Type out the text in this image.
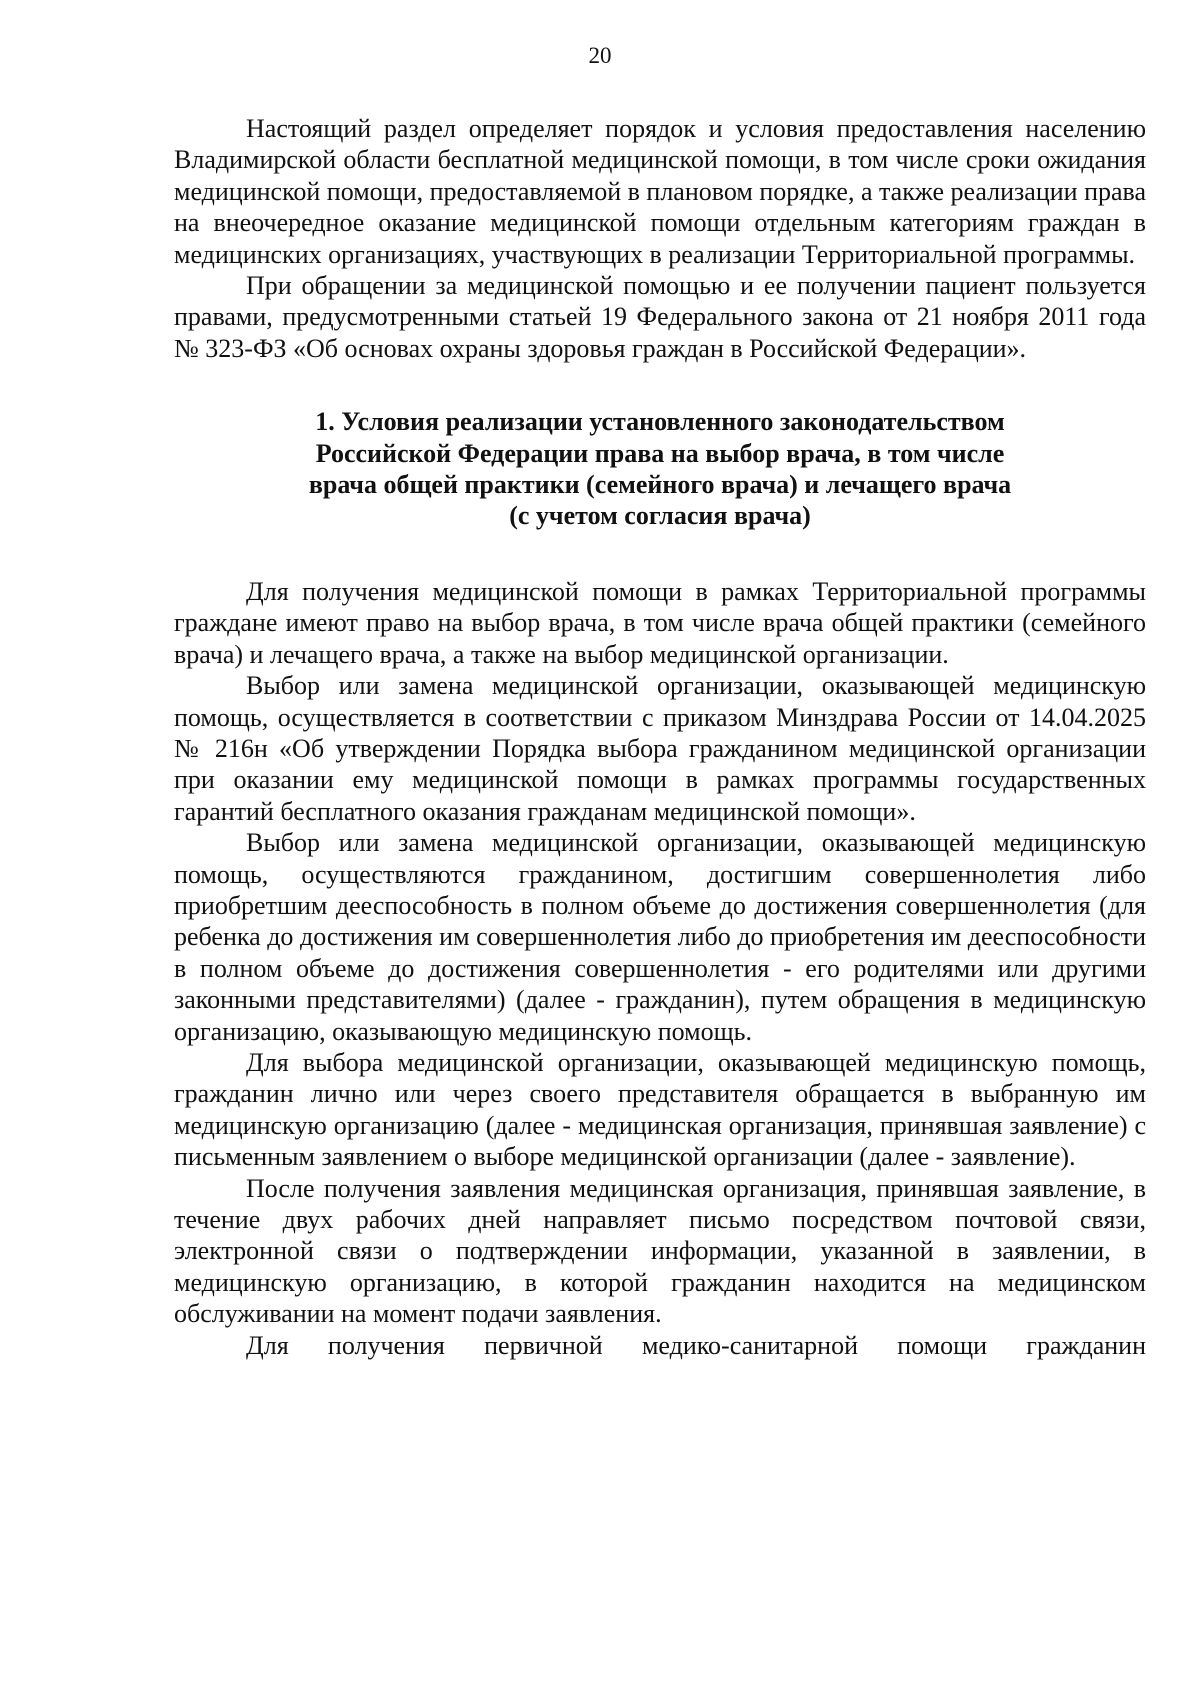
20

Настоящий раздел определяет порядок и условия предоставления населению Владимирской области бесплатной медицинской помощи, в том числе сроки ожидания медицинской помощи, предоставляемой в плановом порядке, а также реализации права на внеочередное оказание медицинской помощи отдельным категориям граждан в медицинских организациях, участвующих в реализации Территориальной программы.

При обращении за медицинской помощью и ее получении пациент пользуется правами, предусмотренными статьей 19 Федерального закона от 21 ноября 2011 года № 323-ФЗ «Об основах охраны здоровья граждан в Российской Федерации».

1. Условия реализации установленного законодательством
Российской Федерации права на выбор врача, в том числе
врача общей практики (семейного врача) и лечащего врача
(с учетом согласия врача)

Для получения медицинской помощи в рамках Территориальной программы граждане имеют право на выбор врача, в том числе врача общей практики (семейного врача) и лечащего врача, а также на выбор медицинской организации.

Выбор или замена медицинской организации, оказывающей медицинскую помощь, осуществляется в соответствии с приказом Минздрава России от 14.04.2025 № 216н «Об утверждении Порядка выбора гражданином медицинской организации при оказании ему медицинской помощи в рамках программы государственных гарантий бесплатного оказания гражданам медицинской помощи».

Выбор или замена медицинской организации, оказывающей медицинскую помощь, осуществляются гражданином, достигшим совершеннолетия либо приобретшим дееспособность в полном объеме до достижения совершеннолетия (для ребенка до достижения им совершеннолетия либо до приобретения им дееспособности в полном объеме до достижения совершеннолетия - его родителями или другими законными представителями) (далее - гражданин), путем обращения в медицинскую организацию, оказывающую медицинскую помощь.

Для выбора медицинской организации, оказывающей медицинскую помощь, гражданин лично или через своего представителя обращается в выбранную им медицинскую организацию (далее - медицинская организация, принявшая заявление) с письменным заявлением о выборе медицинской организации (далее - заявление).

После получения заявления медицинская организация, принявшая заявление, в течение двух рабочих дней направляет письмо посредством почтовой связи, электронной связи о подтверждении информации, указанной в заявлении, в медицинскую организацию, в которой гражданин находится на медицинском обслуживании на момент подачи заявления.

Для получения первичной медико-санитарной помощи гражданин
